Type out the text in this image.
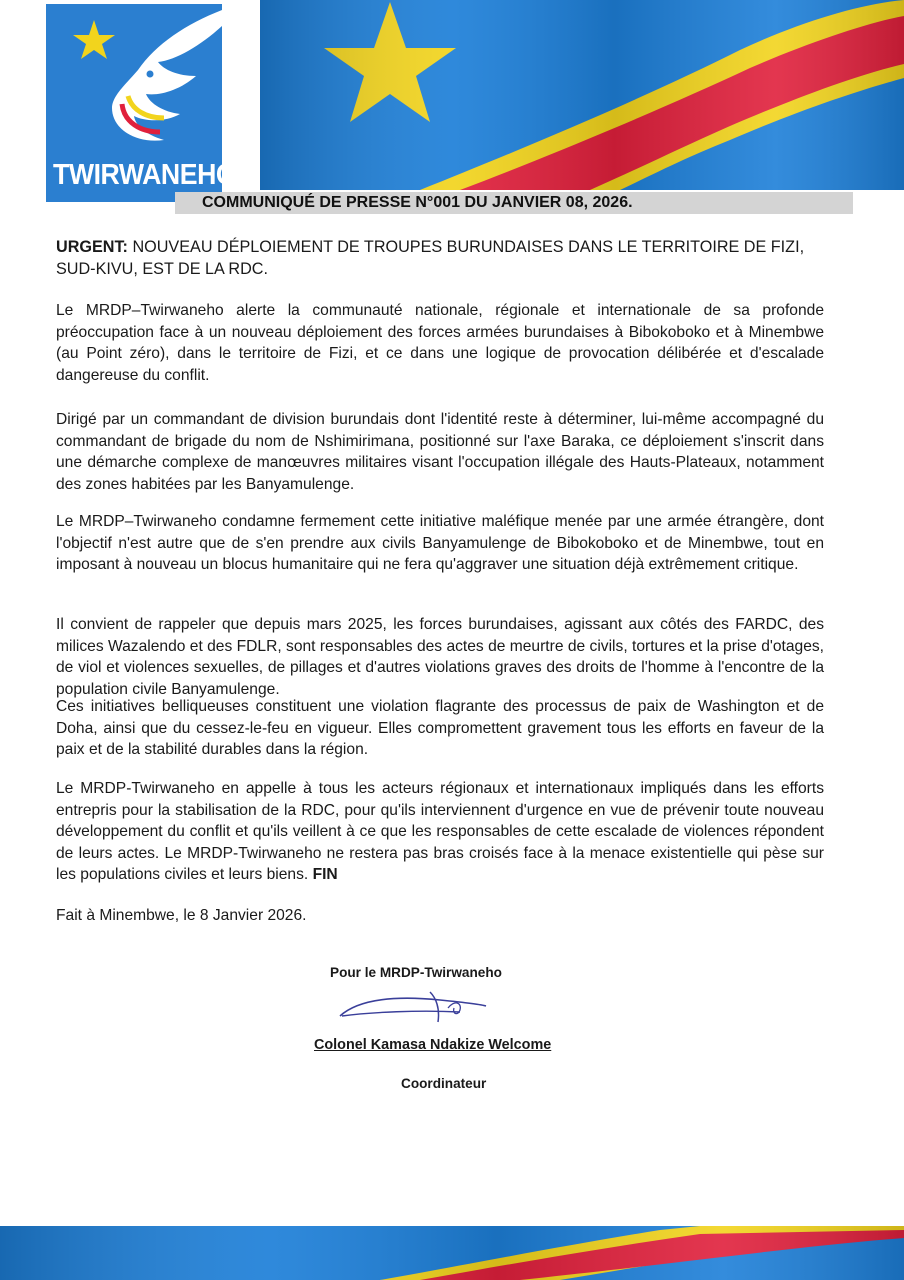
TWIRWANEHO
COMMUNIQUÉ DE PRESSE N°001 DU JANVIER 08, 2026.

URGENT: NOUVEAU DÉPLOIEMENT DE TROUPES BURUNDAISES DANS LE TERRITOIRE DE FIZI, SUD-KIVU, EST DE LA RDC.

Le MRDP–Twirwaneho alerte la communauté nationale, régionale et internationale de sa profonde préoccupation face à un nouveau déploiement des forces armées burundaises à Bibokoboko et à Minembwe (au Point zéro), dans le territoire de Fizi, et ce dans une logique de provocation délibérée et d'escalade dangereuse du conflit.

Dirigé par un commandant de division burundais dont l'identité reste à déterminer, lui-même accompagné du commandant de brigade du nom de Nshimirimana, positionné sur l'axe Baraka, ce déploiement s'inscrit dans une démarche complexe de manœuvres militaires visant l'occupation illégale des Hauts-Plateaux, notamment des zones habitées par les Banyamulenge.

Le MRDP–Twirwaneho condamne fermement cette initiative maléfique menée par une armée étrangère, dont l'objectif n'est autre que de s'en prendre aux civils Banyamulenge de Bibokoboko et de Minembwe, tout en imposant à nouveau un blocus humanitaire qui ne fera qu'aggraver une situation déjà extrêmement critique.

Il convient de rappeler que depuis mars 2025, les forces burundaises, agissant aux côtés des FARDC, des milices Wazalendo et des FDLR, sont responsables des actes de meurtre de civils, tortures et la prise d'otages, de viol et violences sexuelles, de pillages et d'autres violations graves des droits de l'homme à l'encontre de la population civile Banyamulenge.

Ces initiatives belliqueuses constituent une violation flagrante des processus de paix de Washington et de Doha, ainsi que du cessez-le-feu en vigueur. Elles compromettent gravement tous les efforts en faveur de la paix et de la stabilité durables dans la région.

Le MRDP-Twirwaneho en appelle à tous les acteurs régionaux et internationaux impliqués dans les efforts entrepris pour la stabilisation de la RDC, pour qu'ils interviennent d'urgence en vue de prévenir toute nouveau développement du conflit et qu'ils veillent à ce que les responsables de cette escalade de violences répondent de leurs actes. Le MRDP-Twirwaneho ne restera pas bras croisés face à la menace existentielle qui pèse sur les populations civiles et leurs biens. FIN

Fait à Minembwe, le 8 Janvier 2026.
Pour le MRDP-Twirwaneho
Colonel Kamasa Ndakize Welcome
Coordinateur
